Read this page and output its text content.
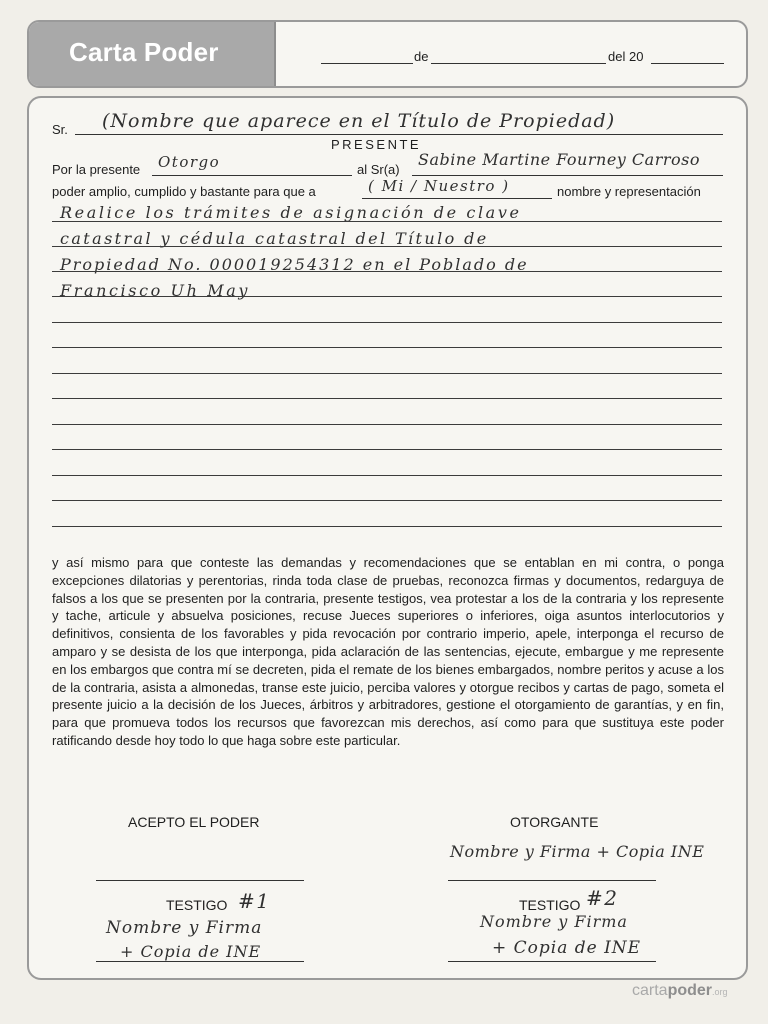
Carta Poder	de	del 20
Sr. (Nombre que aparece en el Título de Propiedad)
PRESENTE
Por la presente Otorgo	al Sr(a)
Sabine Martine Fourney Carroso
poder amplio, cumplido y bastante para que a	( Mi / Nuestro )	nombre y representación
Realice los trámites de asignación de clave
catastral y cédula catastral del Título de
Propiedad No. 000019254312 en el Poblado de
Francisco Uh May
y así mismo para que conteste las demandas y recomendaciones que se entablan en mi contra, o ponga excepciones dilatorias y perentorias, rinda toda clase de pruebas, reconozca firmas y documentos, redarguya de falsos a los que se presenten por la contraria, presente testigos, vea protestar a los de la contraria y los represente y tache, articule y absuelva posiciones, recuse Jueces superiores o inferiores, oiga asuntos interlocutorios y definitivos, consienta de los favorables y pida revocación por contrario imperio, apele, interponga el recurso de amparo y se desista de los que interponga, pida aclaración de las sentencias, ejecute, embargue y me represente en los embargos que contra mí se decreten, pida el remate de los bienes embargados, nombre peritos y acuse a los de la contraria, asista a almonedas, transe este juicio, perciba valores y otorgue recibos y cartas de pago, someta el presente juicio a la decisión de los Jueces, árbitros y arbitradores, gestione el otorgamiento de garantías, y en fin, para que promueva todos los recursos que favorezcan mis derechos, así como para que sustituya este poder ratificando desde hoy todo lo que haga sobre este particular.
ACEPTO EL PODER	OTORGANTE
Nombre y Firma + Copia INE
TESTIGO #1
Nombre y Firma
+ Copia de INE
TESTIGO #2
Nombre y Firma
+ Copia de INE
cartapoder.org
